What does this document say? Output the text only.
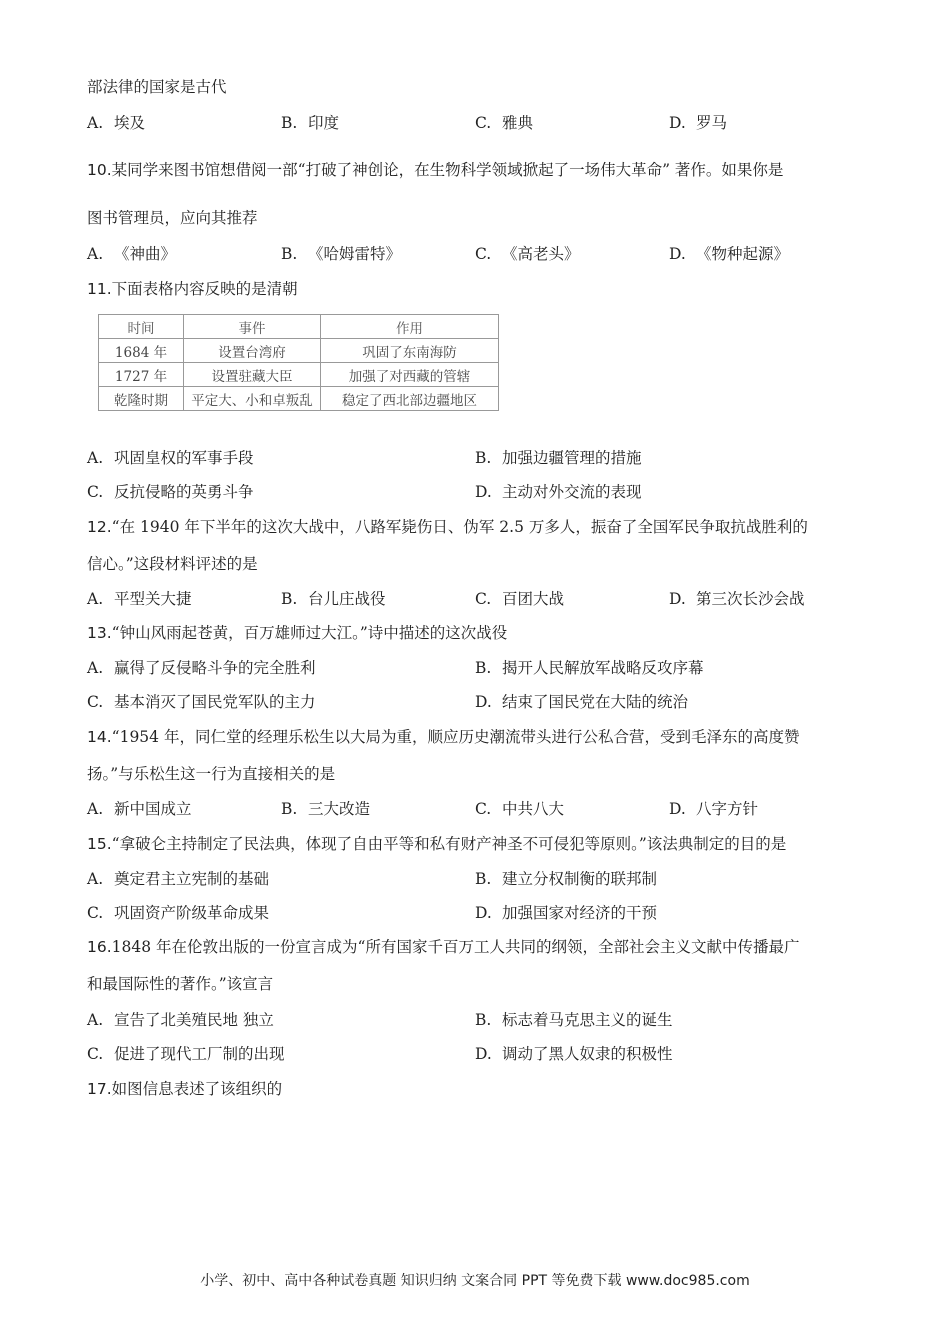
部法律的国家是古代
A. 埃及	B. 印度	C. 雅典	D. 罗马
10.某同学来图书馆想借阅一部“打破了神创论，在生物科学领域掀起了一场伟大革命” 著作。如果你是
图书管理员，应向其推荐
A. 《神曲》	B. 《哈姆雷特》	C. 《高老头》	D. 《物种起源》
11.下面表格内容反映的是清朝
时间	事件	作用
1684 年	设置台湾府	巩固了东南海防
1727 年	设置驻藏大臣	加强了对西藏的管辖
乾隆时期	平定大、小和卓叛乱	稳定了西北部边疆地区
A. 巩固皇权的军事手段	B. 加强边疆管理的措施
C. 反抗侵略的英勇斗争	D. 主动对外交流的表现
12.“在 1940 年下半年的这次大战中，八路军毙伤日、伪军 2.5 万多人，振奋了全国军民争取抗战胜利的
信心。”这段材料评述的是
A. 平型关大捷	B. 台儿庄战役	C. 百团大战	D. 第三次长沙会战
13.“钟山风雨起苍黄，百万雄师过大江。”诗中描述的这次战役
A. 赢得了反侵略斗争的完全胜利	B. 揭开人民解放军战略反攻序幕
C. 基本消灭了国民党军队的主力	D. 结束了国民党在大陆的统治
14.“1954 年，同仁堂的经理乐松生以大局为重，顺应历史潮流带头进行公私合营，受到毛泽东的高度赞
扬。”与乐松生这一行为直接相关的是
A. 新中国成立	B. 三大改造	C. 中共八大	D. 八字方针
15.“拿破仑主持制定了民法典，体现了自由平等和私有财产神圣不可侵犯等原则。”该法典制定的目的是
A. 奠定君主立宪制的基础	B. 建立分权制衡的联邦制
C. 巩固资产阶级革命成果	D. 加强国家对经济的干预
16.1848 年在伦敦出版的一份宣言成为“所有国家千百万工人共同的纲领，全部社会主义文献中传播最广
和最国际性的著作。”该宣言
A. 宣告了北美殖民地 独立	B. 标志着马克思主义的诞生
C. 促进了现代工厂制的出现	D. 调动了黑人奴隶的积极性
17.如图信息表述了该组织的
小学、初中、高中各种试卷真题 知识归纳 文案合同 PPT 等免费下载 www.doc985.com
